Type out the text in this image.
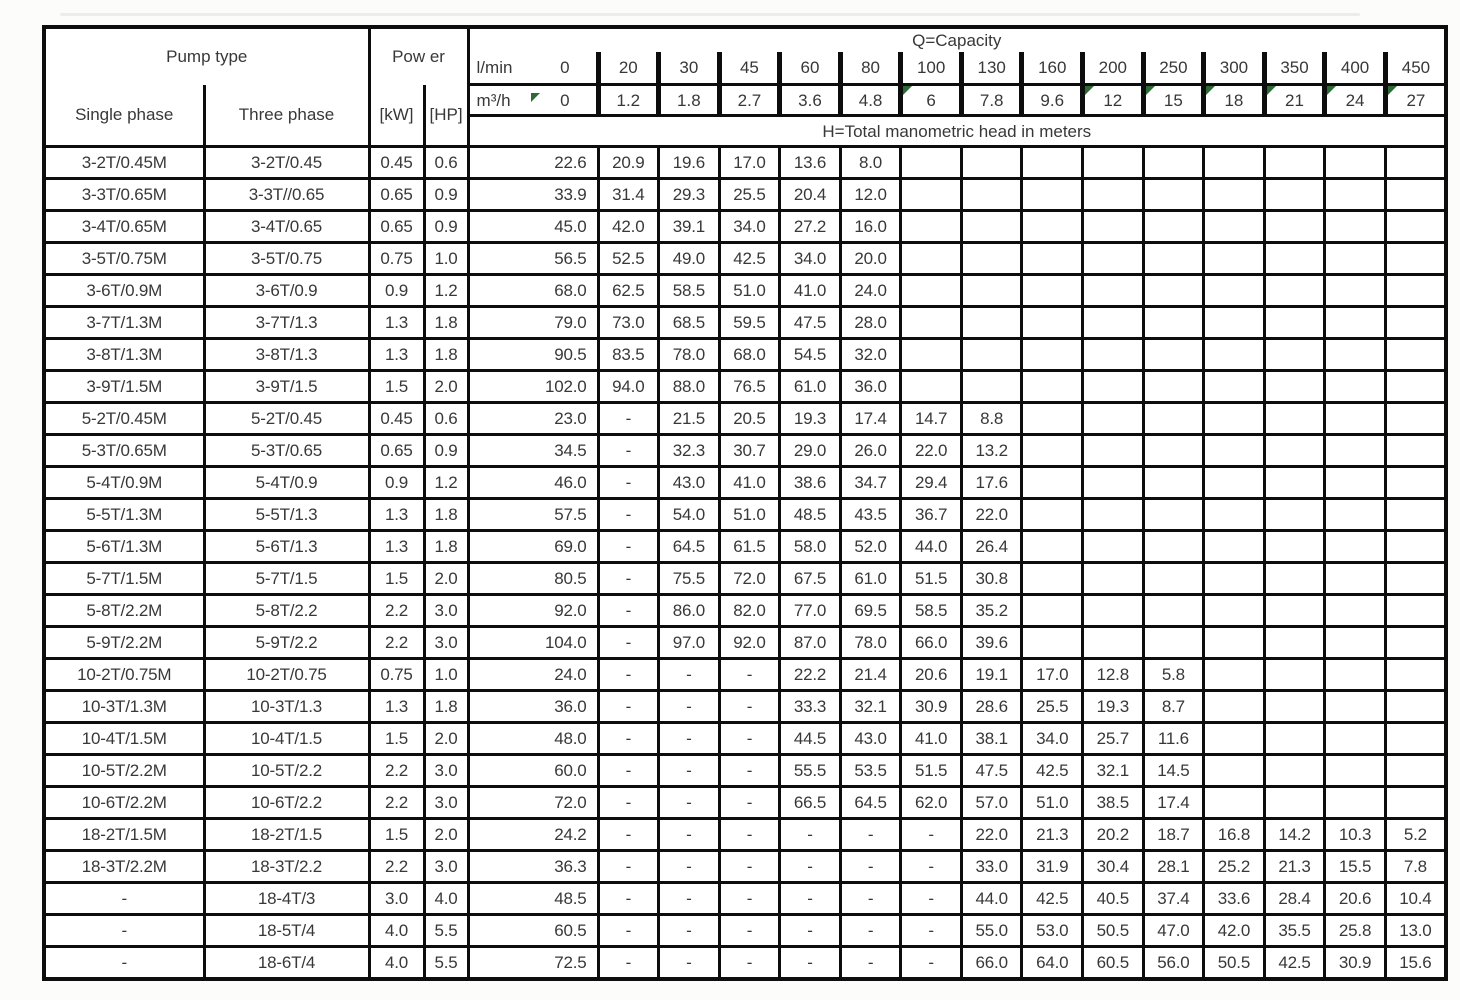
Pump type		Pow er		Q=Capacity														

				l/min 0	20	30	45	60	80	100	130	160	200	250	300	350	400	450
Single phase	Three phase	[kW]	[HP]	m³/h 0	1.2	1.8	2.7	3.6	4.8	6	7.8	9.6	12	15	18	21	24	27

				H=Total manometric head in meters														
3-2T/0.45M	3-2T/0.45	0.45	0.6	22.6	20.9	19.6	17.0	13.6	8.0									
3-3T/0.65M	3-3T//0.65	0.65	0.9	33.9	31.4	29.3	25.5	20.4	12.0									
3-4T/0.65M	3-4T/0.65	0.65	0.9	45.0	42.0	39.1	34.0	27.2	16.0									
3-5T/0.75M	3-5T/0.75	0.75	1.0	56.5	52.5	49.0	42.5	34.0	20.0									
3-6T/0.9M	3-6T/0.9	0.9	1.2	68.0	62.5	58.5	51.0	41.0	24.0									
3-7T/1.3M	3-7T/1.3	1.3	1.8	79.0	73.0	68.5	59.5	47.5	28.0									
3-8T/1.3M	3-8T/1.3	1.3	1.8	90.5	83.5	78.0	68.0	54.5	32.0									
3-9T/1.5M	3-9T/1.5	1.5	2.0	102.0	94.0	88.0	76.5	61.0	36.0									
5-2T/0.45M	5-2T/0.45	0.45	0.6	23.0	-	21.5	20.5	19.3	17.4	14.7	8.8							
5-3T/0.65M	5-3T/0.65	0.65	0.9	34.5	-	32.3	30.7	29.0	26.0	22.0	13.2							
5-4T/0.9M	5-4T/0.9	0.9	1.2	46.0	-	43.0	41.0	38.6	34.7	29.4	17.6							
5-5T/1.3M	5-5T/1.3	1.3	1.8	57.5	-	54.0	51.0	48.5	43.5	36.7	22.0							
5-6T/1.3M	5-6T/1.3	1.3	1.8	69.0	-	64.5	61.5	58.0	52.0	44.0	26.4							
5-7T/1.5M	5-7T/1.5	1.5	2.0	80.5	-	75.5	72.0	67.5	61.0	51.5	30.8							
5-8T/2.2M	5-8T/2.2	2.2	3.0	92.0	-	86.0	82.0	77.0	69.5	58.5	35.2							
5-9T/2.2M	5-9T/2.2	2.2	3.0	104.0	-	97.0	92.0	87.0	78.0	66.0	39.6							
10-2T/0.75M	10-2T/0.75	0.75	1.0	24.0	-	-	-	22.2	21.4	20.6	19.1	17.0	12.8	5.8				
10-3T/1.3M	10-3T/1.3	1.3	1.8	36.0	-	-	-	33.3	32.1	30.9	28.6	25.5	19.3	8.7				
10-4T/1.5M	10-4T/1.5	1.5	2.0	48.0	-	-	-	44.5	43.0	41.0	38.1	34.0	25.7	11.6				
10-5T/2.2M	10-5T/2.2	2.2	3.0	60.0	-	-	-	55.5	53.5	51.5	47.5	42.5	32.1	14.5				
10-6T/2.2M	10-6T/2.2	2.2	3.0	72.0	-	-	-	66.5	64.5	62.0	57.0	51.0	38.5	17.4				
18-2T/1.5M	18-2T/1.5	1.5	2.0	24.2	-	-	-	-	-	-	22.0	21.3	20.2	18.7	16.8	14.2	10.3	5.2
18-3T/2.2M	18-3T/2.2	2.2	3.0	36.3	-	-	-	-	-	-	33.0	31.9	30.4	28.1	25.2	21.3	15.5	7.8
-	18-4T/3	3.0	4.0	48.5	-	-	-	-	-	-	44.0	42.5	40.5	37.4	33.6	28.4	20.6	10.4
-	18-5T/4	4.0	5.5	60.5	-	-	-	-	-	-	55.0	53.0	50.5	47.0	42.0	35.5	25.8	13.0
-	18-6T/4	4.0	5.5	72.5	-	-	-	-	-	-	66.0	64.0	60.5	56.0	50.5	42.5	30.9	15.6
